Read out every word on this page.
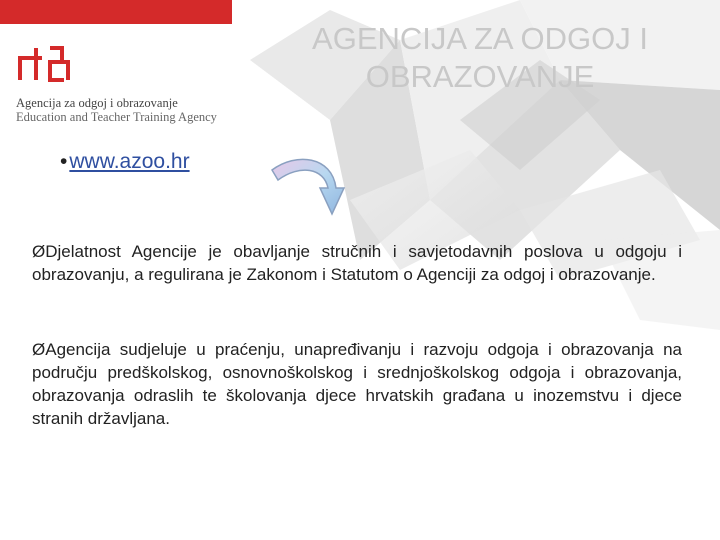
Agencija za odgoj i obrazovanje
Education and Teacher Training Agency
AGENCIJA ZA ODGOJ I OBRAZOVANJE
•www.azoo.hr
ØDjelatnost Agencije je obavljanje stručnih i savjetodavnih poslova u odgoju i obrazovanju, a regulirana je Zakonom i Statutom o Agenciji za odgoj i obrazovanje.
ØAgencija sudjeluje u praćenju, unapređivanju i razvoju odgoja i obrazovanja na području predškolskog, osnovnoškolskog i srednjoškolskog odgoja i obrazovanja, obrazovanja odraslih te školovanja djece hrvatskih građana u inozemstvu i djece stranih državljana.
